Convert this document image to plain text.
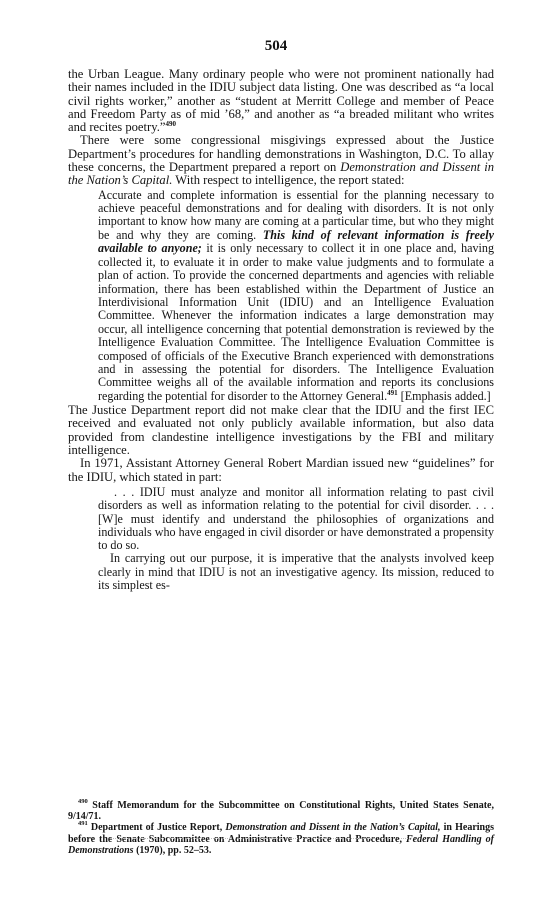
504

the Urban League. Many ordinary people who were not prominent nationally had their names included in the IDIU subject data listing. One was described as “a local civil rights worker,” another as “student at Merritt College and member of Peace and Freedom Party as of mid ’68,” and another as “a breaded militant who writes and recites poetry.”$^{490}$

There were some congressional misgivings expressed about the Justice Department’s procedures for handling demonstrations in Washington, D.C. To allay these concerns, the Department prepared a report on Demonstration and Dissent in the Nation’s Capital. With respect to intelligence, the report stated:

Accurate and complete information is essential for the planning necessary to achieve peaceful demonstrations and for dealing with disorders. It is not only important to know how many are coming at a particular time, but who they might be and why they are coming. This kind of relevant information is freely available to anyone; it is only necessary to collect it in one place and, having collected it, to evaluate it in order to make value judgments and to formulate a plan of action. To provide the concerned departments and agencies with reliable information, there has been established within the Department of Justice an Interdivisional Information Unit (IDIU) and an Intelligence Evaluation Committee. Whenever the information indicates a large demonstration may occur, all intelligence concerning that potential demonstration is reviewed by the Intelligence Evaluation Committee. The Intelligence Evaluation Committee is composed of officials of the Executive Branch experienced with demonstrations and in assessing the potential for disorders. The Intelligence Evaluation Committee weighs all of the available information and reports its conclusions regarding the potential for disorder to the Attorney General.$^{491}$ [Emphasis added.]

The Justice Department report did not make clear that the IDIU and the first IEC received and evaluated not only publicly available information, but also data provided from clandestine intelligence investigations by the FBI and military intelligence.

In 1971, Assistant Attorney General Robert Mardian issued new “guidelines” for the IDIU, which stated in part:

. . . IDIU must analyze and monitor all information relating to past civil disorders as well as information relating to the potential for civil disorder. . . . [W]e must identify and understand the philosophies of organizations and individuals who have engaged in civil disorder or have demonstrated a propensity to do so.

In carrying out our purpose, it is imperative that the analysts involved keep clearly in mind that IDIU is not an investigative agency. Its mission, reduced to its simplest es-

$^{490}$ Staff Memorandum for the Subcommittee on Constitutional Rights, United States Senate, 9/14/71.

$^{491}$ Department of Justice Report, Demonstration and Dissent in the Nation’s Capital, in Hearings before the Senate Subcommittee on Administrative Practice and Procedure, Federal Handling of Demonstrations (1970), pp. 52–53.
